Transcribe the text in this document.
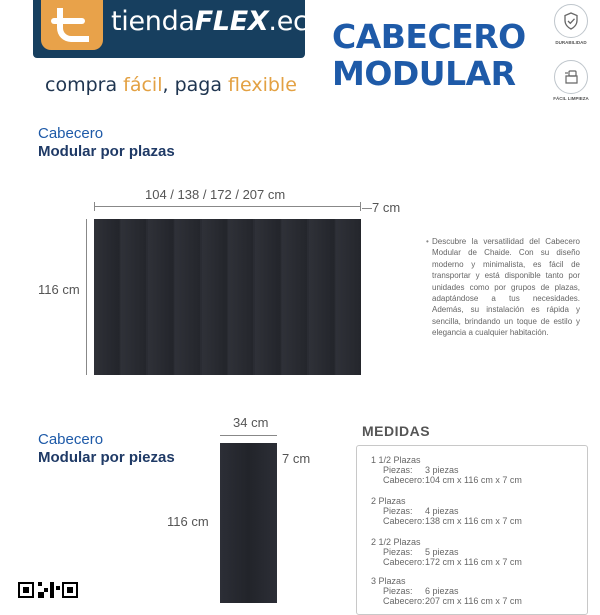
tiendaFLEX.ec
compra fácil, paga flexible
CABECERO
MODULAR
DURABILIDAD
FÁCIL LIMPIEZA
Cabecero
Modular por plazas
104 / 138 / 172 / 207 cm
7 cm
116 cm
• Descubre la versatilidad del Cabecero Modular de Chaide. Con su diseño moderno y minimalista, es fácil de transportar y está disponible tanto por unidades como por grupos de plazas, adaptándose a tus necesidades. Además, su instalación es rápida y sencilla, brindando un toque de estilo y elegancia a cualquier habitación.
Cabecero
Modular por piezas
34 cm
7 cm
116 cm
MEDIDAS
1 1/2 Plazas
Piezas:	3 piezas
Cabecero: 104 cm x 116 cm x 7 cm
2 Plazas
Piezas:	4 piezas
Cabecero: 138 cm x 116 cm x 7 cm
2 1/2 Plazas
Piezas:	5 piezas
Cabecero: 172 cm x 116 cm x 7 cm
3 Plazas
Piezas:	6 piezas
Cabecero: 207 cm x 116 cm x 7 cm
